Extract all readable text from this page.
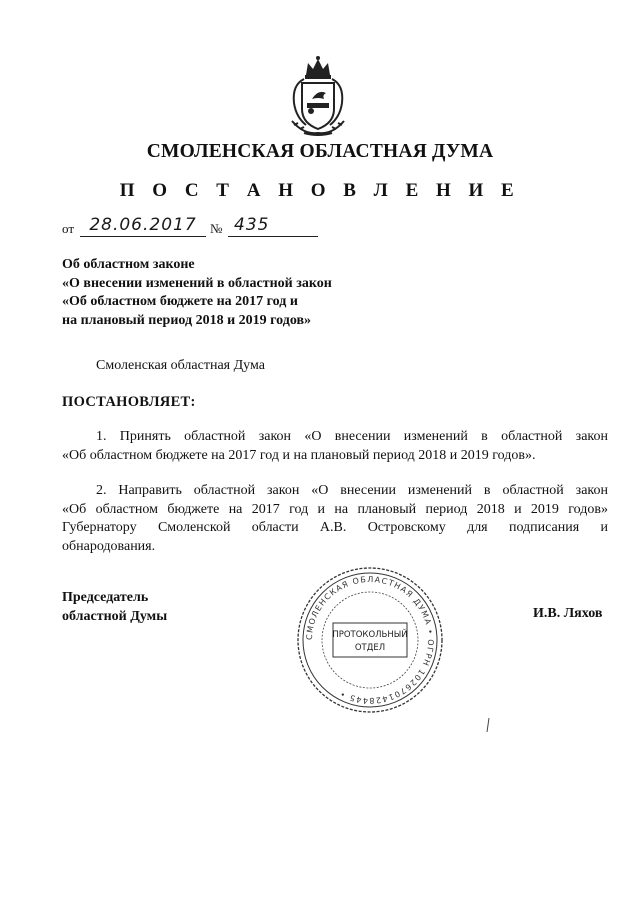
СМОЛЕНСКАЯ ОБЛАСТНАЯ ДУМА
П О С Т А Н О В Л Е Н И Е
от 28.06.2017	№ 435
Об областном законе
«О внесении изменений в областной закон
«Об областном бюджете на 2017 год и
на плановый период 2018 и 2019 годов»
Смоленская областная Дума
ПОСТАНОВЛЯЕТ:
1. Принять областной закон «О внесении изменений в областной закон
«Об областном бюджете на 2017 год и на плановый период 2018 и 2019 годов».
2. Направить областной закон «О внесении изменений в областной закон
«Об областном бюджете на 2017 год и на плановый период 2018 и 2019 годов»
Губернатору Смоленской области А.В. Островскому для подписания и
обнародования.
Председатель
областной Думы
СМОЛЕНСКАЯ ОБЛАСТНАЯ ДУМА • ОГРН 1026701428445 •
ПРОТОКОЛЬНЫЙ
ОТДЕЛ
И.В. Ляхов
